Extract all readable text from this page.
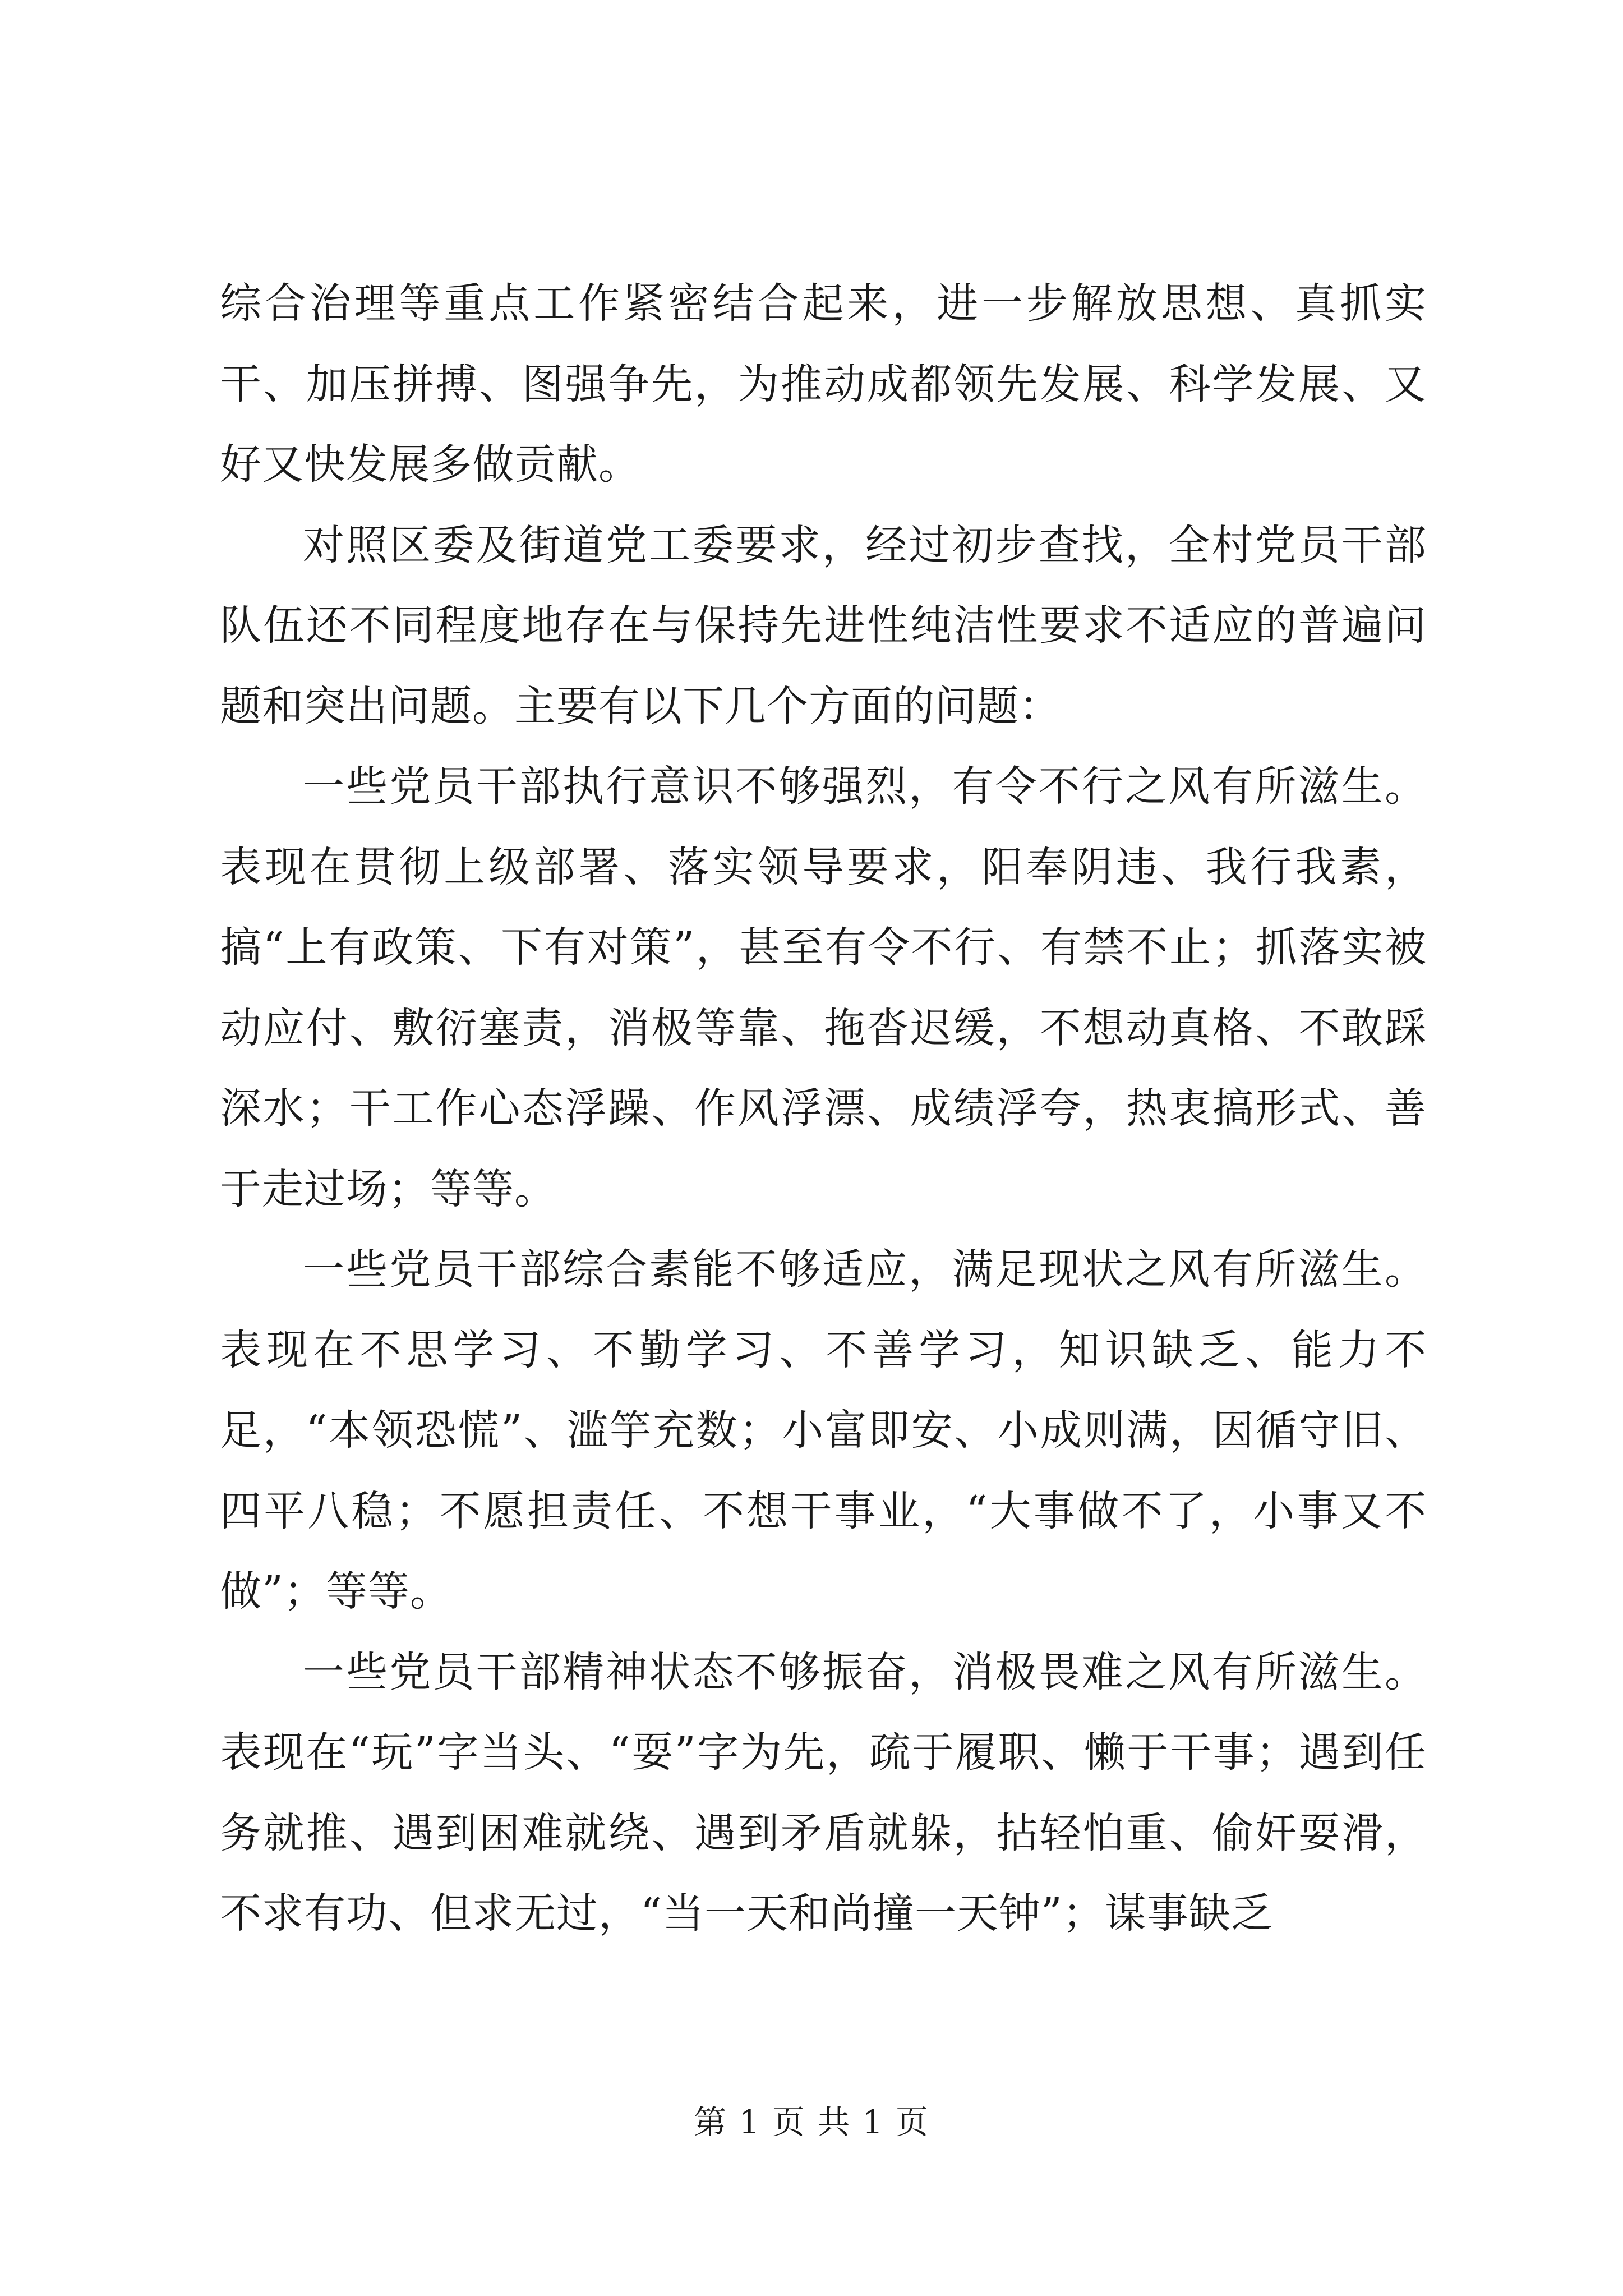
综合治理等重点工作紧密结合起来，进一步解放思想、真抓实干、加压拼搏、图强争先，为推动成都领先发展、科学发展、又好又快发展多做贡献。

对照区委及街道党工委要求，经过初步查找，全村党员干部队伍还不同程度地存在与保持先进性纯洁性要求不适应的普遍问题和突出问题。主要有以下几个方面的问题：

一些党员干部执行意识不够强烈，有令不行之风有所滋生。表现在贯彻上级部署、落实领导要求，阳奉阴违、我行我素，搞“上有政策、下有对策”，甚至有令不行、有禁不止；抓落实被动应付、敷衍塞责，消极等靠、拖沓迟缓，不想动真格、不敢踩深水；干工作心态浮躁、作风浮漂、成绩浮夸，热衷搞形式、善于走过场；等等。

一些党员干部综合素能不够适应，满足现状之风有所滋生。表现在不思学习、不勤学习、不善学习，知识缺乏、能力不足，“本领恐慌”、滥竽充数；小富即安、小成则满，因循守旧、四平八稳；不愿担责任、不想干事业，“大事做不了，小事又不做”；等等。

一些党员干部精神状态不够振奋，消极畏难之风有所滋生。表现在“玩”字当头、“耍”字为先，疏于履职、懒于干事；遇到任务就推、遇到困难就绕、遇到矛盾就躲，拈轻怕重、偷奸耍滑，不求有功、但求无过，“当一天和尚撞一天钟”；谋事缺乏

第 1 页 共 1 页
